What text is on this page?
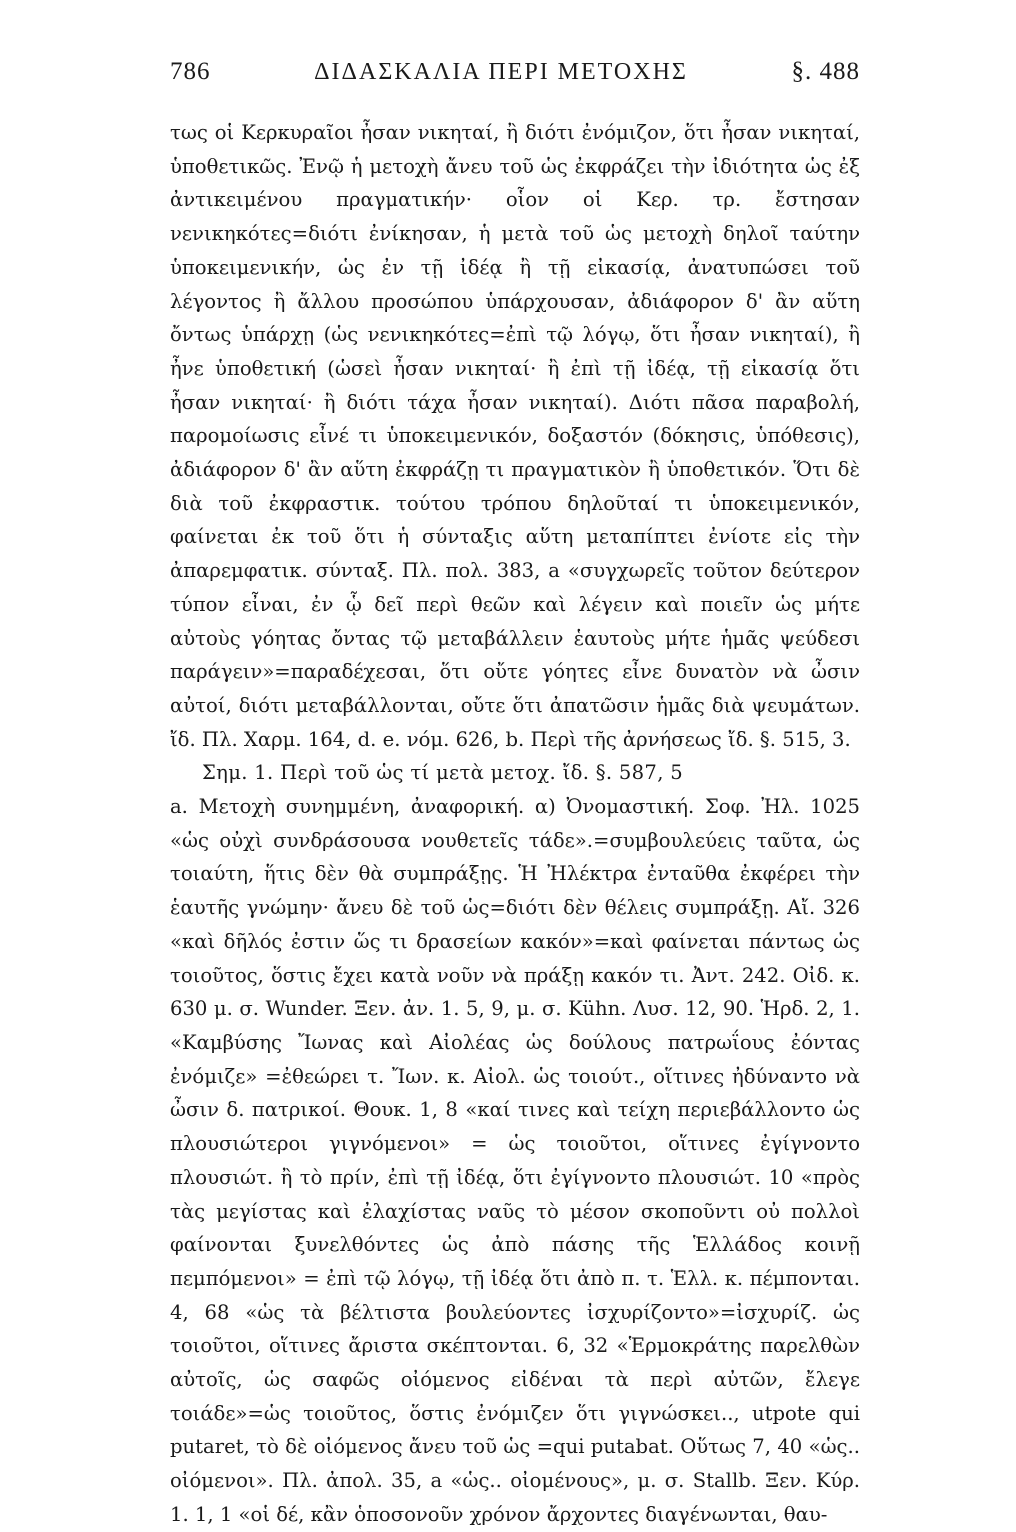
786	ΔΙΔΑΣΚΑΛΙΑ ΠΕΡΙ ΜΕΤΟΧΗΣ	§. 488

τως οἱ Κερκυραῖοι ἦσαν νικηταί, ἢ διότι ἐνόμιζον, ὅτι ἦσαν νικηταί, ὑποθετικῶς. Ἐνῷ ἡ μετοχὴ ἄνευ τοῦ ὡς ἐκφράζει τὴν ἰδιότητα ὡς ἐξ ἀντικειμένου πραγματικήν· οἷον οἱ Κερ. τρ. ἔστησαν νενικηκότες=διότι ἐνίκησαν, ἡ μετὰ τοῦ ὡς μετοχὴ δηλοῖ ταύτην ὑποκειμενικήν, ὡς ἐν τῇ ἰδέᾳ ἢ τῇ εἰκασίᾳ, ἀνατυπώσει τοῦ λέγοντος ἢ ἄλλου προσώπου ὑπάρχουσαν, ἀδιάφορον δ' ἂν αὕτη ὄντως ὑπάρχῃ (ὡς νενικηκότες=ἐπὶ τῷ λόγῳ, ὅτι ἦσαν νικηταί), ἢ ἦνε ὑποθετική (ὡσεὶ ἦσαν νικηταί· ἢ ἐπὶ τῇ ἰδέᾳ, τῇ εἰκασίᾳ ὅτι ἦσαν νικηταί· ἢ διότι τάχα ἦσαν νικηταί). Διότι πᾶσα παραβολή, παρομοίωσις εἶνέ τι ὑποκειμενικόν, δοξαστόν (δόκησις, ὑπόθεσις), ἀδιάφορον δ' ἂν αὕτη ἐκφράζῃ τι πραγματικὸν ἢ ὑποθετικόν. Ὅτι δὲ διὰ τοῦ ἐκφραστικ. τούτου τρόπου δηλοῦταί τι ὑποκειμενικόν, φαίνεται ἐκ τοῦ ὅτι ἡ σύνταξις αὕτη μεταπίπτει ἐνίοτε εἰς τὴν ἀπαρεμφατικ. σύνταξ. Πλ. πολ. 383, a «συγχωρεῖς τοῦτον δεύτερον τύπον εἶναι, ἐν ᾧ δεῖ περὶ θεῶν καὶ λέγειν καὶ ποιεῖν ὡς μήτε αὐτοὺς γόητας ὄντας τῷ μεταβάλλειν ἑαυτοὺς μήτε ἡμᾶς ψεύδεσι παράγειν»=παραδέχεσαι, ὅτι οὔτε γόητες εἶνε δυνατὸν νὰ ὦσιν αὐτοί, διότι μεταβάλλονται, οὔτε ὅτι ἀπατῶσιν ἡμᾶς διὰ ψευμάτων. ἴδ. Πλ. Χαρμ. 164, d. e. νόμ. 626, b. Περὶ τῆς ἀρνήσεως ἴδ. §. 515, 3.

Σημ. 1. Περὶ τοῦ ὡς τί μετὰ μετοχ. ἴδ. §. 587, 5

a. Μετοχὴ συνημμένη, ἀναφορική. α) Ὀνομαστική. Σοφ. Ἠλ. 1025 «ὡς οὐχὶ συνδράσουσα νουθετεῖς τάδε».=συμβουλεύεις ταῦτα, ὡς τοιαύτη, ἥτις δὲν θὰ συμπράξῃς. Ἡ Ἠλέκτρα ἐνταῦθα ἐκφέρει τὴν ἑαυτῆς γνώμην· ἄνευ δὲ τοῦ ὡς=διότι δὲν θέλεις συμπράξῃ. Αἴ. 326 «καὶ δῆλός ἐστιν ὥς τι δρασείων κακόν»=καὶ φαίνεται πάντως ὡς τοιοῦτος, ὅστις ἔχει κατὰ νοῦν νὰ πράξῃ κακόν τι. Ἀντ. 242. Οἰδ. κ. 630 μ. σ. Wunder. Ξεν. ἀν. 1. 5, 9, μ. σ. Kühn. Λυσ. 12, 90. Ἡρδ. 2, 1. «Καμβύσης Ἴωνας καὶ Αἰολέας ὡς δούλους πατρωΐους ἐόντας ἐνόμιζε» =ἐθεώρει τ. Ἴων. κ. Αἰολ. ὡς τοιούτ., οἵτινες ἠδύναντο νὰ ὦσιν δ. πατρικοί. Θουκ. 1, 8 «καί τινες καὶ τείχη περιεβάλλοντο ὡς πλουσιώτεροι γιγνόμενοι» = ὡς τοιοῦτοι, οἵτινες ἐγίγνοντο πλουσιώτ. ἢ τὸ πρίν, ἐπὶ τῇ ἰδέᾳ, ὅτι ἐγίγνοντο πλουσιώτ. 10 «πρὸς τὰς μεγίστας καὶ ἐλαχίστας ναῦς τὸ μέσον σκοποῦντι οὐ πολλοὶ φαίνονται ξυνελθόντες ὡς ἀπὸ πάσης τῆς Ἑλλάδος κοινῇ πεμπόμενοι» = ἐπὶ τῷ λόγῳ, τῇ ἰδέᾳ ὅτι ἀπὸ π. τ. Ἑλλ. κ. πέμπονται. 4, 68 «ὡς τὰ βέλτιστα βουλεύοντες ἰσχυρίζοντο»=ἰσχυρίζ. ὡς τοιοῦτοι, οἵτινες ἄριστα σκέπτονται. 6, 32 «Ἑρμοκράτης παρελθὼν αὐτοῖς, ὡς σαφῶς οἰόμενος εἰδέναι τὰ περὶ αὐτῶν, ἔλεγε τοιάδε»=ὡς τοιοῦτος, ὅστις ἐνόμιζεν ὅτι γιγνώσκει.., utpote qui putaret, τὸ δὲ οἰόμενος ἄνευ τοῦ ὡς =qui putabat. Οὕτως 7, 40 «ὡς.. οἰόμενοι». Πλ. ἀπολ. 35, a «ὡς.. οἰομένους», μ. σ. Stallb. Ξεν. Κύρ. 1. 1, 1 «οἱ δέ, κἂν ὁποσονοῦν χρόνον ἄρχοντες διαγένωνται, θαυ-
